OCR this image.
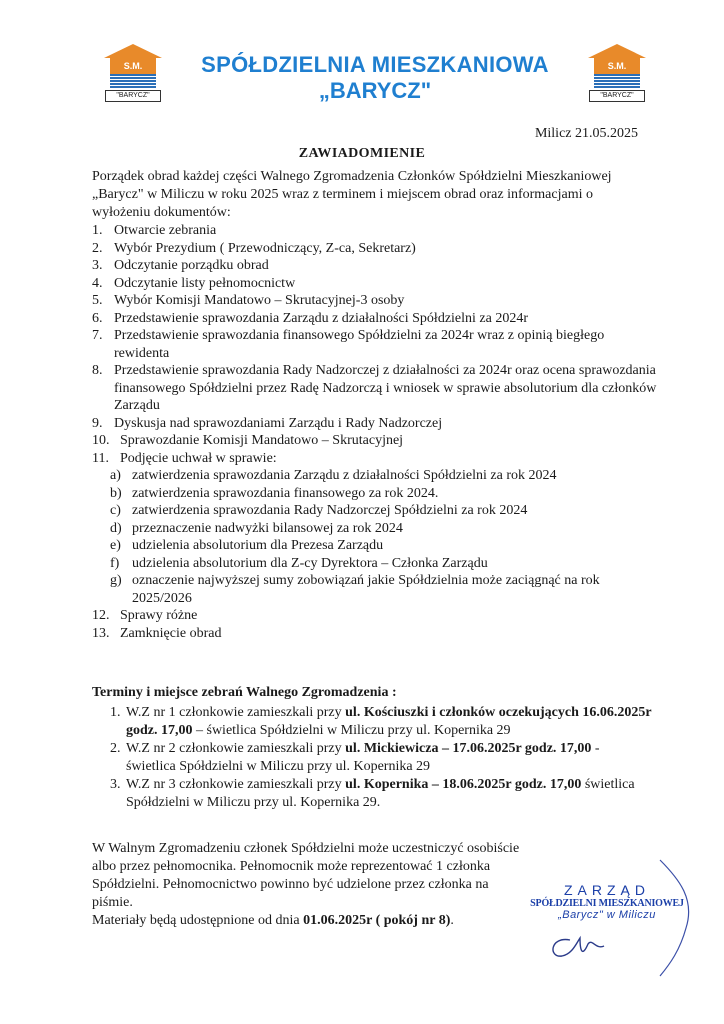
S.M.
"BARYCZ"
S.M.
"BARYCZ"
SPÓŁDZIELNIA MIESZKANIOWA
„BARYCZ"
Milicz 21.05.2025
ZAWIADOMIENIE
Porządek obrad każdej części Walnego Zgromadzenia Członków Spółdzielni Mieszkaniowej „Barycz" w Miliczu w roku 2025 wraz z terminem i miejscem obrad oraz informacjami o wyłożeniu dokumentów:
1. Otwarcie zebrania
2. Wybór Prezydium ( Przewodniczący, Z-ca, Sekretarz)
3. Odczytanie porządku obrad
4. Odczytanie listy pełnomocnictw
5. Wybór Komisji Mandatowo – Skrutacyjnej-3 osoby
6. Przedstawienie sprawozdania Zarządu z działalności Spółdzielni za 2024r
7. Przedstawienie sprawozdania finansowego Spółdzielni za 2024r wraz z opinią biegłego rewidenta
8. Przedstawienie sprawozdania Rady Nadzorczej z działalności za 2024r oraz ocena sprawozdania finansowego Spółdzielni przez Radę Nadzorczą i wniosek w sprawie absolutorium dla członków Zarządu
9. Dyskusja nad sprawozdaniami Zarządu i Rady Nadzorczej
10. Sprawozdanie Komisji Mandatowo – Skrutacyjnej
11. Podjęcie uchwał w sprawie:
a) zatwierdzenia sprawozdania Zarządu z działalności Spółdzielni za rok 2024
b) zatwierdzenia sprawozdania finansowego za rok 2024.
c) zatwierdzenia sprawozdania Rady Nadzorczej Spółdzielni za rok 2024
d) przeznaczenie nadwyżki bilansowej za rok 2024
e) udzielenia absolutorium dla Prezesa Zarządu
f) udzielenia absolutorium dla Z-cy Dyrektora – Członka Zarządu
g) oznaczenie najwyższej sumy zobowiązań jakie Spółdzielnia może zaciągnąć na rok 2025/2026
12. Sprawy różne
13. Zamknięcie obrad
Terminy i miejsce zebrań Walnego Zgromadzenia :
1. W.Z nr 1 członkowie zamieszkali przy ul. Kościuszki i członków oczekujących 16.06.2025r godz. 17,00 – świetlica Spółdzielni w Miliczu przy ul. Kopernika 29
2. W.Z nr 2 członkowie zamieszkali przy ul. Mickiewicza – 17.06.2025r godz. 17,00 - świetlica Spółdzielni w Miliczu przy ul. Kopernika 29
3. W.Z nr 3 członkowie zamieszkali przy ul. Kopernika – 18.06.2025r godz. 17,00 świetlica Spółdzielni w Miliczu przy ul. Kopernika 29.
W Walnym Zgromadzeniu członek Spółdzielni może uczestniczyć osobiście albo przez pełnomocnika. Pełnomocnik może reprezentować 1 członka Spółdzielni. Pełnomocnictwo powinno być udzielone przez członka na piśmie.
Materiały będą udostępnione od dnia 01.06.2025r ( pokój nr 8).
ZARZĄD
SPÓŁDZIELNI MIESZKANIOWEJ
„Barycz" w Miliczu
